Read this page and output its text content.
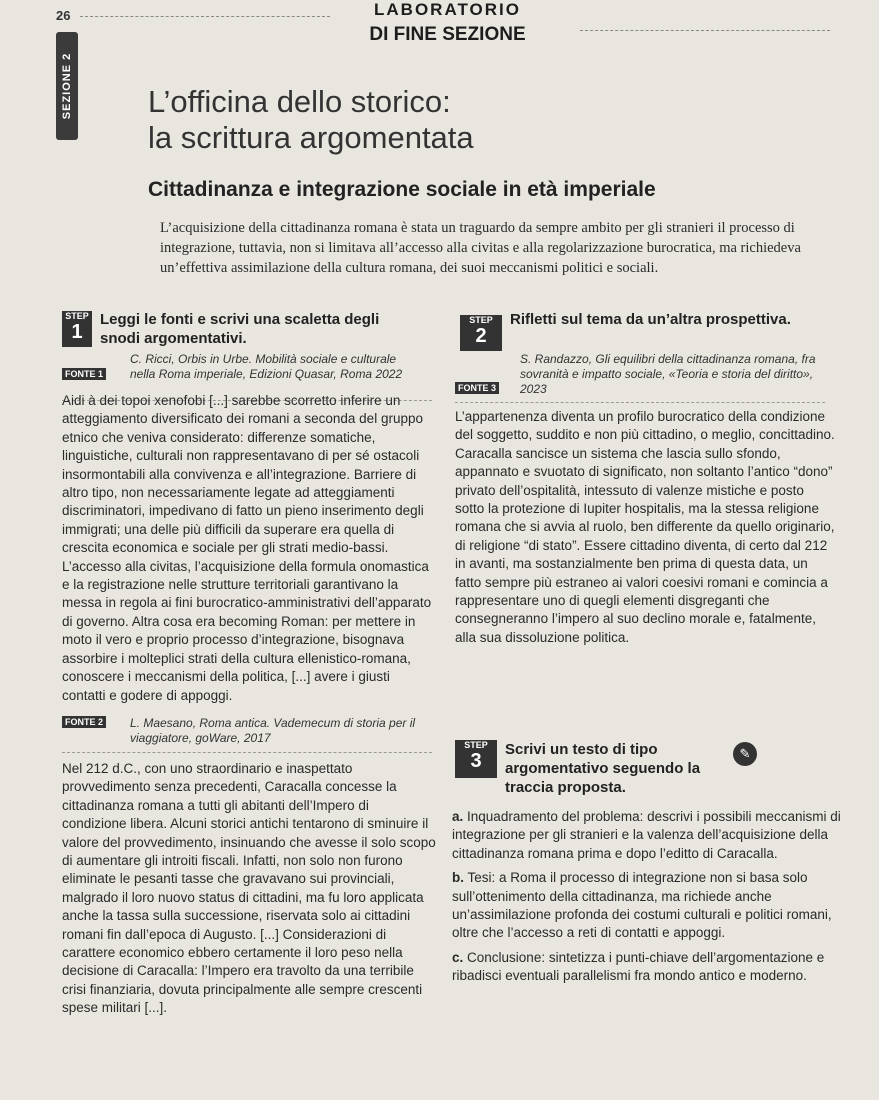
26
SEZIONE 2
LABORATORIO
DI FINE SEZIONE
L’officina dello storico:
la scrittura argomentata
Cittadinanza e integrazione sociale in età imperiale
L’acquisizione della cittadinanza romana è stata un traguardo da sempre ambito per gli stranieri il processo di integrazione, tuttavia, non si limitava all’accesso alla civitas e alla regolarizzazione burocratica, ma richiedeva un’effettiva assimilazione della cultura romana, dei suoi meccanismi politici e sociali.
STEP
1
Leggi le fonti e scrivi una scaletta degli snodi argomentativi.
FONTE 1
C. Ricci, Orbis in Urbe. Mobilità sociale e culturale nella Roma imperiale, Edizioni Quasar, Roma 2022
Aidi à dei topoi xenofobi [...] sarebbe scorretto inferire un atteggiamento diversificato dei romani a seconda del gruppo etnico che veniva considerato: differenze somatiche, linguistiche, culturali non rappresentavano di per sé ostacoli insormontabili alla convivenza e all’integrazione. Barriere di altro tipo, non necessariamente legate ad atteggiamenti discriminatori, impedivano di fatto un pieno inserimento degli immigrati; una delle più difficili da superare era quella di crescita economica e sociale per gli strati medio-bassi. L’accesso alla civitas, l’acquisizione della formula onomastica e la registrazione nelle strutture territoriali garantivano la messa in regola ai fini burocratico-amministrativi dell’apparato di governo. Altra cosa era becoming Roman: per mettere in moto il vero e proprio processo d’integrazione, bisognava assorbire i molteplici strati della cultura ellenistico-romana, conoscere i meccanismi della politica, [...] avere i giusti contatti e godere di appoggi.
FONTE 2 L. Maesano, Roma antica. Vademecum di storia per il viaggiatore, goWare, 2017
Nel 212 d.C., con uno straordinario e inaspettato provvedimento senza precedenti, Caracalla concesse la cittadinanza romana a tutti gli abitanti dell’Impero di condizione libera. Alcuni storici antichi tentarono di sminuire il valore del provvedimento, insinuando che avesse il solo scopo di aumentare gli introiti fiscali. Infatti, non solo non furono eliminate le pesanti tasse che gravavano sui provinciali, malgrado il loro nuovo status di cittadini, ma fu loro applicata anche la tassa sulla successione, riservata solo ai cittadini romani fin dall’epoca di Augusto. [...] Considerazioni di carattere economico ebbero certamente il loro peso nella decisione di Caracalla: l’Impero era travolto da una terribile crisi finanziaria, dovuta principalmente alle sempre crescenti spese militari [...].
STEP
2
Rifletti sul tema da un’altra prospettiva.
S. Randazzo, Gli equilibri della cittadinanza romana, fra sovranità e impatto sociale, «Teoria e storia del diritto», 2023
FONTE 3
L’appartenenza diventa un profilo burocratico della condizione del soggetto, suddito e non più cittadino, o meglio, concittadino. Caracalla sancisce un sistema che lascia sullo sfondo, appannato e svuotato di significato, non soltanto l’antico “dono” privato dell’ospitalità, intessuto di valenze mistiche e posto sotto la protezione di Iupiter hospitalis, ma la stessa religione romana che si avvia al ruolo, ben differente da quello originario, di religione “di stato”. Essere cittadino diventa, di certo dal 212 in avanti, ma sostanzialmente ben prima di questa data, un fatto sempre più estraneo ai valori coesivi romani e comincia a rappresentare uno di quegli elementi disgreganti che consegneranno l’impero al suo declino morale e, fatalmente, alla sua dissoluzione politica.
STEP
3
Scrivi un testo di tipo argomentativo seguendo la traccia proposta.
✎
a. Inquadramento del problema: descrivi i possibili meccanismi di integrazione per gli stranieri e la valenza dell’acquisizione della cittadinanza romana prima e dopo l’editto di Caracalla.
b. Tesi: a Roma il processo di integrazione non si basa solo sull’ottenimento della cittadinanza, ma richiede anche un’assimilazione profonda dei costumi culturali e politici romani, oltre che l’accesso a reti di contatti e appoggi.
c. Conclusione: sintetizza i punti-chiave dell’argomentazione e ribadisci eventuali parallelismi fra mondo antico e moderno.
